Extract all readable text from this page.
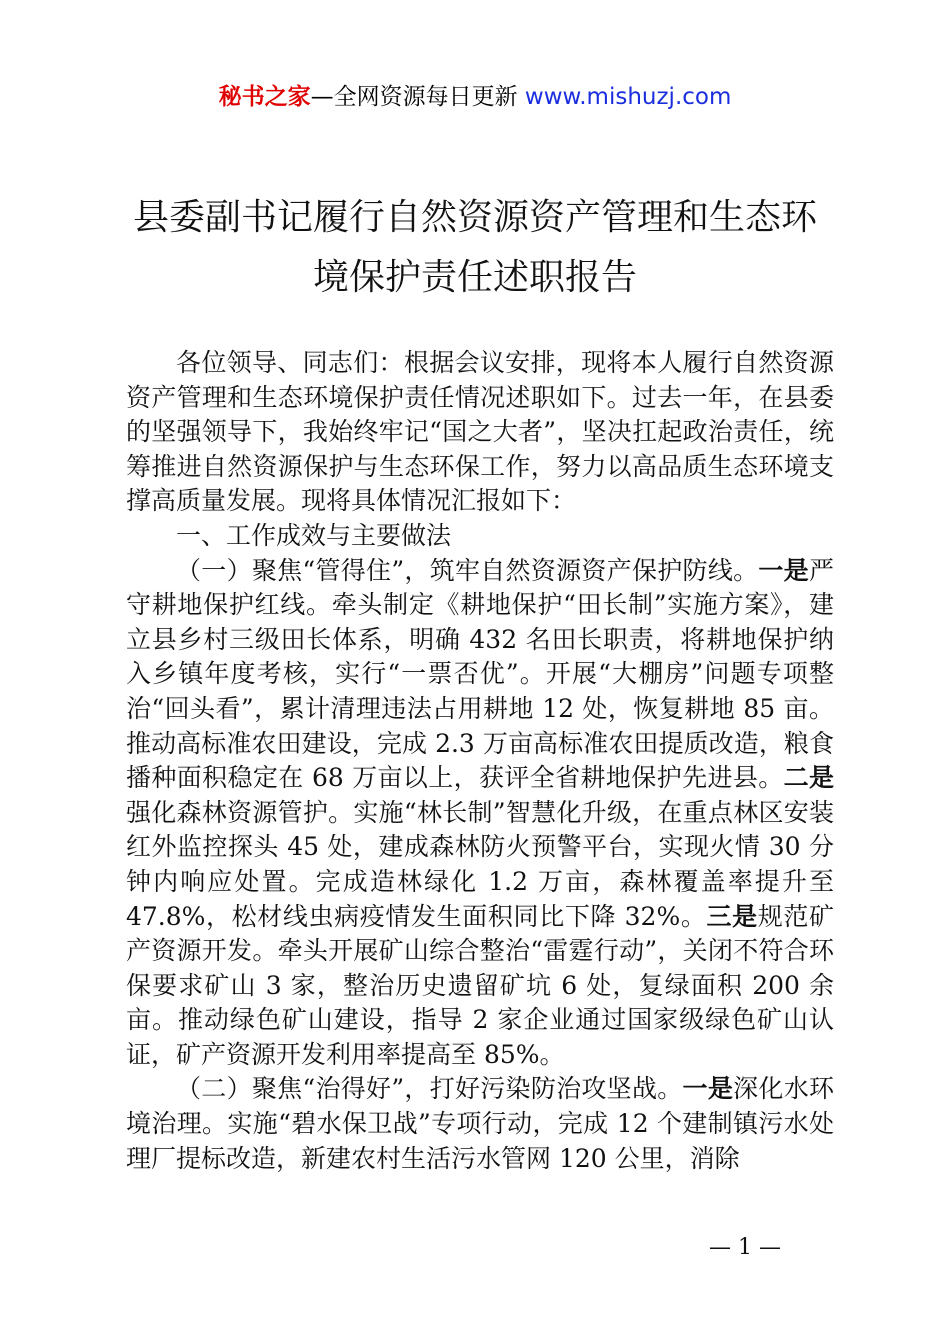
秘书之家—全网资源每日更新 www.mishuzj.com
县委副书记履行自然资源资产管理和生态环
境保护责任述职报告

各位领导、同志们：根据会议安排，现将本人履行自然资源资产管理和生态环境保护责任情况述职如下。过去一年，在县委的坚强领导下，我始终牢记“国之大者”，坚决扛起政治责任，统筹推进自然资源保护与生态环保工作，努力以高品质生态环境支撑高质量发展。现将具体情况汇报如下：

一、工作成效与主要做法

（一）聚焦“管得住”，筑牢自然资源资产保护防线。一是严守耕地保护红线。牵头制定《耕地保护“田长制”实施方案》，建立县乡村三级田长体系，明确 432 名田长职责，将耕地保护纳入乡镇年度考核，实行“一票否优”。开展“大棚房”问题专项整治“回头看”，累计清理违法占用耕地 12 处，恢复耕地 85 亩。推动高标准农田建设，完成 2.3 万亩高标准农田提质改造，粮食播种面积稳定在 68 万亩以上，获评全省耕地保护先进县。二是强化森林资源管护。实施“林长制”智慧化升级，在重点林区安装红外监控探头 45 处，建成森林防火预警平台，实现火情 30 分钟内响应处置。完成造林绿化 1.2 万亩，森林覆盖率提升至 47.8%，松材线虫病疫情发生面积同比下降 32%。三是规范矿产资源开发。牵头开展矿山综合整治“雷霆行动”，关闭不符合环保要求矿山 3 家，整治历史遗留矿坑 6 处，复绿面积 200 余亩。推动绿色矿山建设，指导 2 家企业通过国家级绿色矿山认证，矿产资源开发利用率提高至 85%。

（二）聚焦“治得好”，打好污染防治攻坚战。一是深化水环境治理。实施“碧水保卫战”专项行动，完成 12 个建制镇污水处理厂提标改造，新建农村生活污水管网 120 公里，消除

— 1 —
